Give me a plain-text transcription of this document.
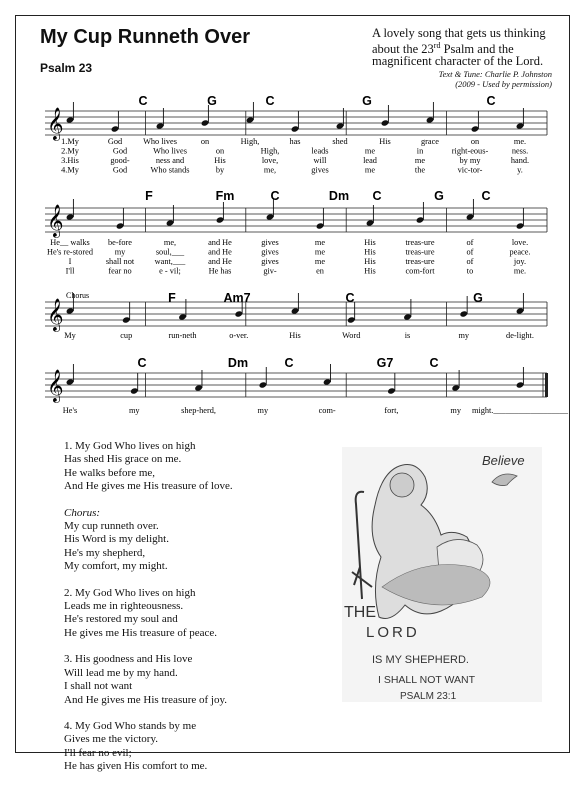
My Cup Runneth Over
Psalm 23
A lovely song that gets us thinking
about the 23rd Psalm and the
magnificent character of the Lord.
Text & Tune: Charlie P. Johnston
(2009 - Used by permission)
𝄞
C	G	C	G	C
1.My	God	Who lives	on	High,	has	shed	His	grace	on	me.
2.My	God	Who lives	on	High,	leads	me	in	right-eous-	ness.
3.His	good-	ness and	His	love,	will	lead	me	by my	hand.
4.My	God	Who stands	by	me,	gives	me	the	vic-tor-	y.
𝄞
F	Fm	C	Dm C	G	C
He__ walks be-fore	me,	and He	gives	me	His	treas-ure	of	love.
He's re-stored	my	soul,___	and He	gives	me	His	treas-ure	of	peace.
I	shall not want,___	and He	gives	me	His	treas-ure	of	joy.
I'll	fear no	e - vil;	He has	giv-	en	His	com-fort	to	me.
𝄞
Chorus	F	Am7	C	G
My	cup	run-neth	o-ver.	His	Word	is	my	de-light.
𝄞
C	Dm	C	G7	C
He's	my	shep-herd,	my	com-	fort,	my might.__________________

1. My God Who lives on high
Has shed His grace on me.
He walks before me,
And He gives me His treasure of love.

Chorus:
My cup runneth over.
His Word is my delight.
He's my shepherd,
My comfort, my might.

2. My God Who lives on high
Leads me in righteousness.
He's restored my soul and
He gives me His treasure of peace.

3. His goodness and His love
Will lead me by my hand.
I shall not want
And He gives me His treasure of joy.

4. My God Who stands by me
Gives me the victory.
I'll fear no evil;
He has given His comfort to me.

Believe
THE
LORD
IS MY SHEPHERD.
I SHALL NOT WANT
PSALM 23:1
